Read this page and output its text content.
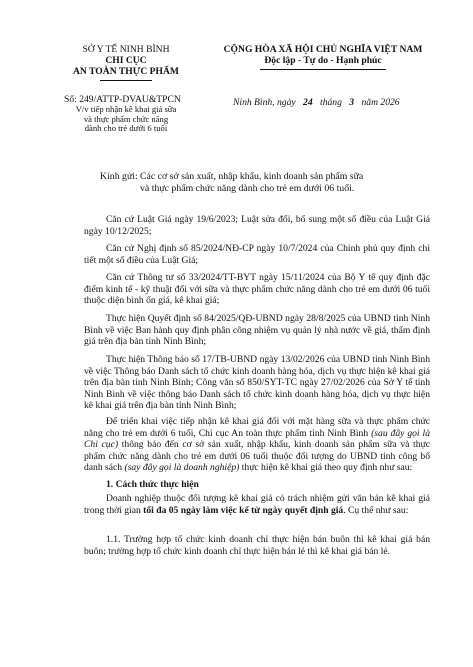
SỞ Y TẾ NINH BÌNH
CHI CỤC
AN TOÀN THỰC PHẨM
CỘNG HÒA XÃ HỘI CHỦ NGHĨA VIỆT NAM
Độc lập - Tự do - Hạnh phúc
Số: 249/ATTP-DVAU&TPCN
V/v tiếp nhận kê khai giá sữa
và thực phẩm chức năng
dành cho trẻ dưới 6 tuổi
Ninh Bình, ngày 24 tháng 3 năm 2026
Kính gửi: Các cơ sở sản xuất, nhập khẩu, kinh doanh sản phẩm sữa
và thực phẩm chức năng dành cho trẻ em dưới 06 tuổi.
Căn cứ Luật Giá ngày 19/6/2023; Luật sửa đổi, bổ sung một số điều của Luật Giá ngày 10/12/2025;
Căn cứ Nghị định số 85/2024/NĐ-CP ngày 10/7/2024 của Chính phủ quy định chi tiết một số điều của Luật Giá;
Căn cứ Thông tư số 33/2024/TT-BYT ngày 15/11/2024 của Bộ Y tế quy định đặc điểm kinh tế - kỹ thuật đối với sữa và thực phẩm chức năng dành cho trẻ em dưới 06 tuổi thuộc diện bình ổn giá, kê khai giá;
Thực hiện Quyết định số 84/2025/QĐ-UBND ngày 28/8/2025 của UBND tỉnh Ninh Bình về việc Ban hành quy định phân công nhiệm vụ quản lý nhà nước về giá, thẩm định giá trên địa bàn tỉnh Ninh Bình;
Thực hiện Thông báo số 17/TB-UBND ngày 13/02/2026 của UBND tỉnh Ninh Bình về việc Thông báo Danh sách tổ chức kinh doanh hàng hóa, dịch vụ thực hiện kê khai giá trên địa bàn tỉnh Ninh Bình; Công văn số 850/SYT-TC ngày 27/02/2026 của Sở Y tế tỉnh Ninh Bình về việc thông báo Danh sách tổ chức kinh doanh hàng hóa, dịch vụ thực hiện kê khai giá trên địa bàn tỉnh Ninh Bình;
Để triển khai việc tiếp nhận kê khai giá đối với mặt hàng sữa và thực phẩm chức năng cho trẻ em dưới 6 tuổi, Chi cục An toàn thực phẩm tỉnh Ninh Bình (sau đây gọi là Chi cục) thông báo đến cơ sở sản xuất, nhập khẩu, kinh doanh sản phẩm sữa và thực phẩm chức năng dành cho trẻ em dưới 06 tuổi thuộc đối tượng do UBND tỉnh công bố danh sách (say đây gọi là doanh nghiệp) thực hiện kê khai giá theo quy định như sau:
1. Cách thức thực hiện
Doanh nghiệp thuộc đối tượng kê khai giá có trách nhiệm gửi văn bản kê khai giá trong thời gian tối đa 05 ngày làm việc kể từ ngày quyết định giá. Cụ thể như sau:
1.1. Trường hợp tổ chức kinh doanh chỉ thực hiện bán buôn thì kê khai giá bán buôn; trường hợp tổ chức kinh doanh chỉ thực hiện bán lẻ thì kê khai giá bán lẻ.
